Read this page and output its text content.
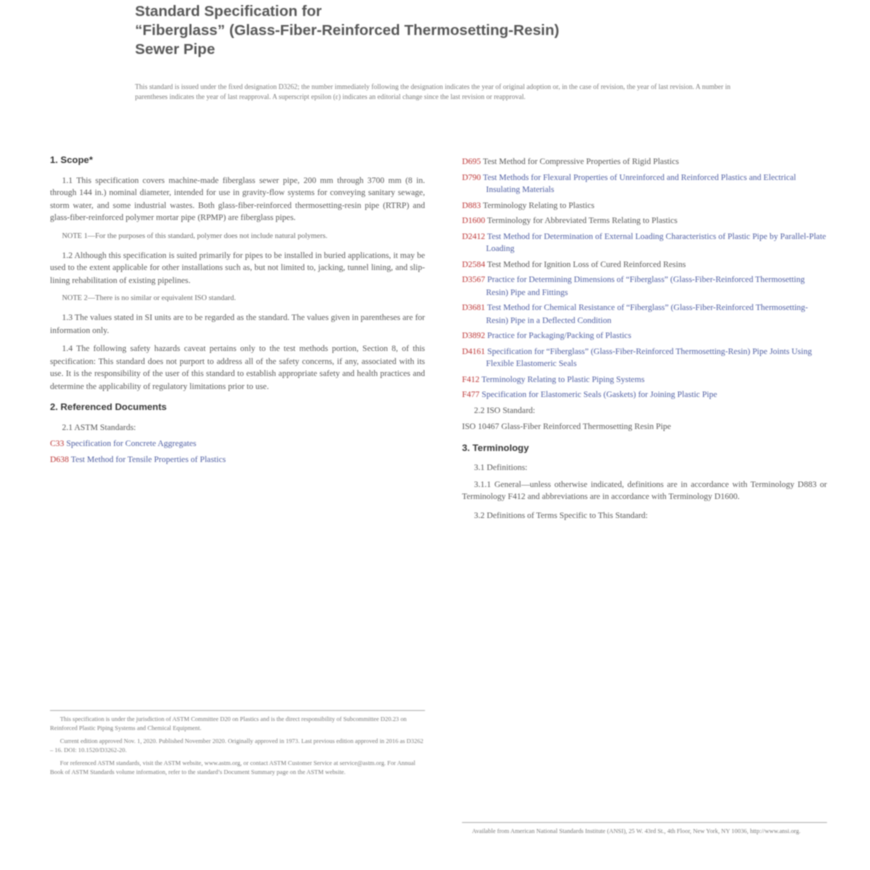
Standard Specification for
“Fiberglass” (Glass-Fiber-Reinforced Thermosetting-Resin)
Sewer Pipe
This standard is issued under the fixed designation D3262; the number immediately following the designation indicates the year of original adoption or, in the case of revision, the year of last revision. A number in parentheses indicates the year of last reapproval. A superscript epsilon (ε) indicates an editorial change since the last revision or reapproval.
1. Scope*

1.1 This specification covers machine-made fiberglass sewer pipe, 200 mm through 3700 mm (8 in. through 144 in.) nominal diameter, intended for use in gravity-flow systems for conveying sanitary sewage, storm water, and some industrial wastes. Both glass-fiber-reinforced thermosetting-resin pipe (RTRP) and glass-fiber-reinforced polymer mortar pipe (RPMP) are fiberglass pipes.

NOTE 1—For the purposes of this standard, polymer does not include natural polymers.

1.2 Although this specification is suited primarily for pipes to be installed in buried applications, it may be used to the extent applicable for other installations such as, but not limited to, jacking, tunnel lining, and slip-lining rehabilitation of existing pipelines.

NOTE 2—There is no similar or equivalent ISO standard.

1.3 The values stated in SI units are to be regarded as the standard. The values given in parentheses are for information only.

1.4 The following safety hazards caveat pertains only to the test methods portion, Section 8, of this specification: This standard does not purport to address all of the safety concerns, if any, associated with its use. It is the responsibility of the user of this standard to establish appropriate safety and health practices and determine the applicability of regulatory limitations prior to use.

2. Referenced Documents

2.1 ASTM Standards:

C33 Specification for Concrete Aggregates

D638 Test Method for Tensile Properties of Plastics

This specification is under the jurisdiction of ASTM Committee D20 on Plastics and is the direct responsibility of Subcommittee D20.23 on Reinforced Plastic Piping Systems and Chemical Equipment.

Current edition approved Nov. 1, 2020. Published November 2020. Originally approved in 1973. Last previous edition approved in 2016 as D3262 – 16. DOI: 10.1520/D3262-20.

For referenced ASTM standards, visit the ASTM website, www.astm.org, or contact ASTM Customer Service at service@astm.org. For Annual Book of ASTM Standards volume information, refer to the standard’s Document Summary page on the ASTM website.

D695 Test Method for Compressive Properties of Rigid Plastics

D790 Test Methods for Flexural Properties of Unreinforced and Reinforced Plastics and Electrical Insulating Materials

D883 Terminology Relating to Plastics

D1600 Terminology for Abbreviated Terms Relating to Plastics

D2412 Test Method for Determination of External Loading Characteristics of Plastic Pipe by Parallel-Plate Loading

D2584 Test Method for Ignition Loss of Cured Reinforced Resins

D3567 Practice for Determining Dimensions of “Fiberglass” (Glass-Fiber-Reinforced Thermosetting Resin) Pipe and Fittings

D3681 Test Method for Chemical Resistance of “Fiberglass” (Glass-Fiber-Reinforced Thermosetting-Resin) Pipe in a Deflected Condition

D3892 Practice for Packaging/Packing of Plastics

D4161 Specification for “Fiberglass” (Glass-Fiber-Reinforced Thermosetting-Resin) Pipe Joints Using Flexible Elastomeric Seals

F412 Terminology Relating to Plastic Piping Systems

F477 Specification for Elastomeric Seals (Gaskets) for Joining Plastic Pipe

2.2 ISO Standard:

ISO 10467 Glass-Fiber Reinforced Thermosetting Resin Pipe

3. Terminology

3.1 Definitions:

3.1.1 General—unless otherwise indicated, definitions are in accordance with Terminology D883 or Terminology F412 and abbreviations are in accordance with Terminology D1600.

3.2 Definitions of Terms Specific to This Standard:

Available from American National Standards Institute (ANSI), 25 W. 43rd St., 4th Floor, New York, NY 10036, http://www.ansi.org.
